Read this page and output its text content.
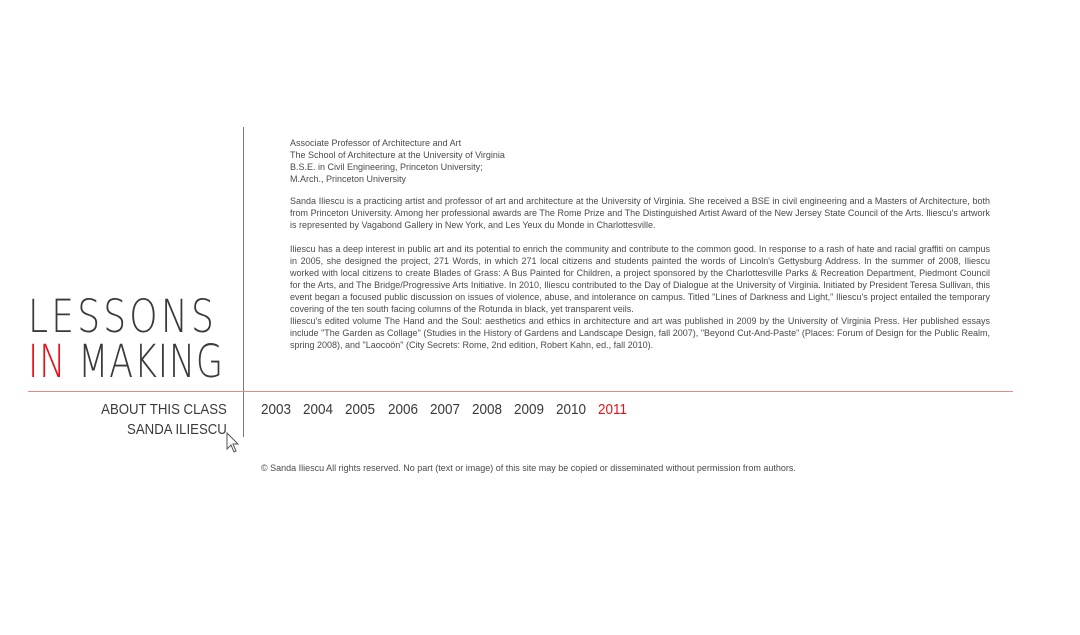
LESSONS
IN MAKING
ABOUT THIS CLASS
SANDA ILIESCU
2003 2004 2005 2006 2007 2008 2009 2010 2011
Associate Professor of Architecture and Art
The School of Architecture at the University of Virginia
B.S.E. in Civil Engineering, Princeton University;
M.Arch., Princeton University

Sanda Iliescu is a practicing artist and professor of art and architecture at the University of Virginia. She received a BSE in civil engineering and a Masters of Architecture, both from Princeton University. Among her professional awards are The Rome Prize and The Distinguished Artist Award of the New Jersey State Council of the Arts. Iliescu's artwork is represented by Vagabond Gallery in New York, and Les Yeux du Monde in Charlottesville.

Iliescu has a deep interest in public art and its potential to enrich the community and contribute to the common good. In response to a rash of hate and racial graffiti on campus in 2005, she designed the project, 271 Words, in which 271 local citizens and students painted the words of Lincoln's Gettysburg Address. In the summer of 2008, Iliescu worked with local citizens to create Blades of Grass: A Bus Painted for Children, a project sponsored by the Charlottesville Parks & Recreation Department, Piedmont Council for the Arts, and The Bridge/Progressive Arts Initiative. In 2010, Iliescu contributed to the Day of Dialogue at the University of Virginia. Initiated by President Teresa Sullivan, this event began a focused public discussion on issues of violence, abuse, and intolerance on campus. Titled "Lines of Darkness and Light," Iliescu's project entailed the temporary covering of the ten south facing columns of the Rotunda in black, yet transparent veils.

Iliescu's edited volume The Hand and the Soul: aesthetics and ethics in architecture and art was published in 2009 by the University of Virginia Press. Her published essays include "The Garden as Collage" (Studies in the History of Gardens and Landscape Design, fall 2007), "Beyond Cut-And-Paste" (Places: Forum of Design for the Public Realm, spring 2008), and "Laocoön" (City Secrets: Rome, 2nd edition, Robert Kahn, ed., fall 2010).

© Sanda Iliescu All rights reserved. No part (text or image) of this site may be copied or disseminated without permission from authors.
